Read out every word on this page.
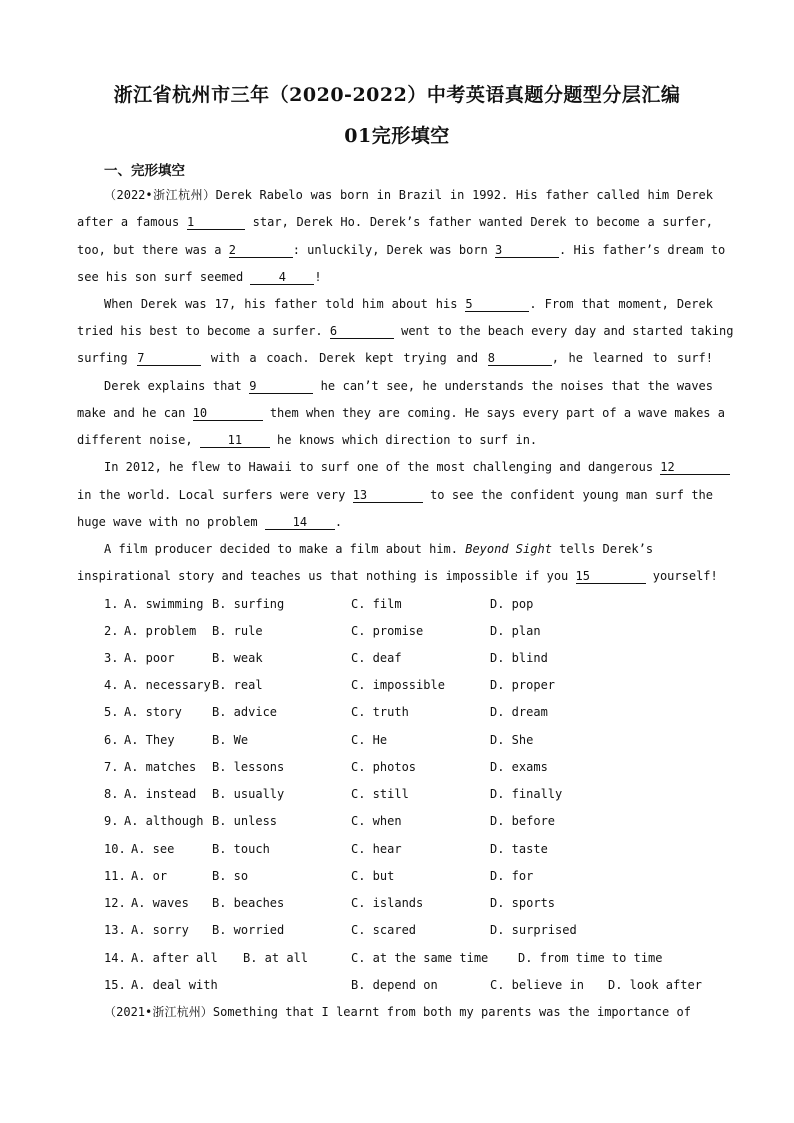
浙江省杭州市三年（2020-2022）中考英语真题分题型分层汇编
01完形填空
一、完形填空
（2022•浙江杭州）Derek Rabelo was born in Brazil in 1992. His father called him Derek
after a famous 1	star, Derek Ho. Derek’s father wanted Derek to become a surfer,
too, but there was a 2	: unluckily, Derek was born 3	. His father’s dream to
see his son surf seemed 4 !
When Derek was 17, his father told him about his 5	. From that moment, Derek
tried his best to become a surfer. 6	went to the beach every day and started taking
surfing 7	with a coach. Derek kept trying and 8	, he learned to surf!
Derek explains that 9	he can’t see, he understands the noises that the waves
make and he can 10	them when they are coming. He says every part of a wave makes a
different noise, 11 he knows which direction to surf in.
In 2012, he flew to Hawaii to surf one of the most challenging and dangerous 12
in the world. Local surfers were very 13	to see the confident young man surf the
huge wave with no problem 14 .
A film producer decided to make a film about him. Beyond Sight tells Derek’s
inspirational story and teaches us that nothing is impossible if you 15	yourself!
1. A. swimming B. surfing	C. film	D. pop
2. A. problem B. rule	C. promise	D. plan
3. A. poor	B. weak	C. deaf	D. blind
4. A. necessary B. real	C. impossible	D. proper
5. A. story	B. advice	C. truth	D. dream
6. A. They	B. We	C. He	D. She
7. A. matches B. lessons	C. photos	D. exams
8. A. instead B. usually	C. still	D. finally
9. A. although B. unless	C. when	D. before
10. A. see	B. touch	C. hear	D. taste
11. A. or	B. so	C. but	D. for
12. A. waves B. beaches	C. islands	D. sports
13. A. sorry B. worried	C. scared	D. surprised
14. A. after all B. at all	C. at the same time D. from time to time
15. A. deal with	B. depend on	C. believe in D. look after
（2021•浙江杭州）Something that I learnt from both my parents was the importance of
